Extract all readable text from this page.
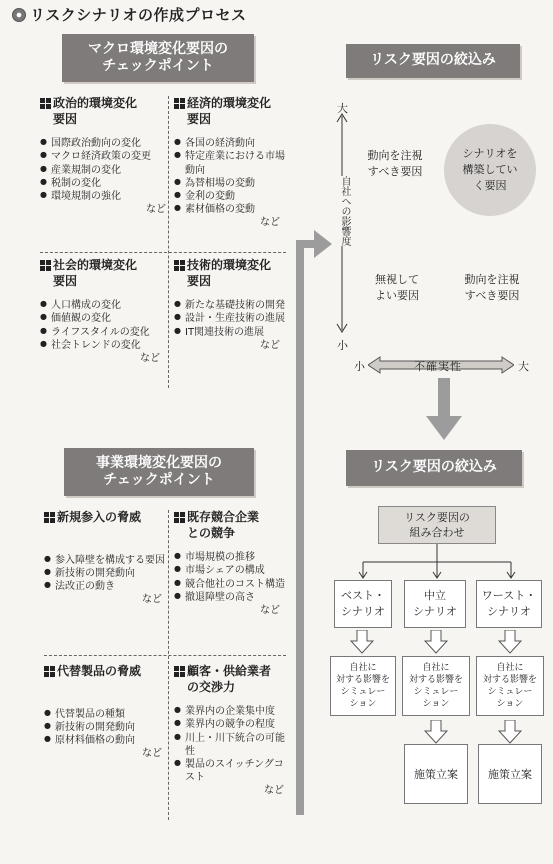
リスクシナリオの作成プロセス
マクロ環境変化要因の
チェックポイント
政治的環境変化
要因
● 国際政治動向の変化
● マクロ経済政策の変更
● 産業規制の変化
● 税制の変化
● 環境規制の強化
など
経済的環境変化
要因
● 各国の経済動向
● 特定産業における市場動向
● 為替相場の変動
● 金利の変動
● 素材価格の変動
など
社会的環境変化
要因
● 人口構成の変化
● 価値観の変化
● ライフスタイルの変化
● 社会トレンドの変化
など
技術的環境変化
要因
● 新たな基礎技術の開発
● 設計・生産技術の進展
● IT関連技術の進展
など
事業環境変化要因の
チェックポイント
新規参入の脅威
● 参入障壁を構成する要因
● 新技術の開発動向
● 法改正の動き
など
既存競合企業
との競争
● 市場規模の推移
● 市場シェアの構成
● 競合他社のコスト構造
● 撤退障壁の高さ
など
代替製品の脅威
● 代替製品の種類
● 新技術の開発動向
● 原材料価格の動向
など
顧客・供給業者
の交渉力
● 業界内の企業集中度
● 業界内の競争の程度
● 川上・川下統合の可能性
● 製品のスイッチングコスト
など
リスク要因の絞込み
大
自社への影響度
小
動向を注視
すべき要因
シナリオを
構築してい
く要因
無視して
よい要因
動向を注視
すべき要因
小	不確実性	大
リスク要因の絞込み
リスク要因の
組み合わせ
ベスト・
シナリオ
中立
シナリオ
ワースト・
シナリオ
自社に
対する影響を
シミュレー
ション
自社に
対する影響を
シミュレー
ション
自社に
対する影響を
シミュレー
ション
施策立案	施策立案
